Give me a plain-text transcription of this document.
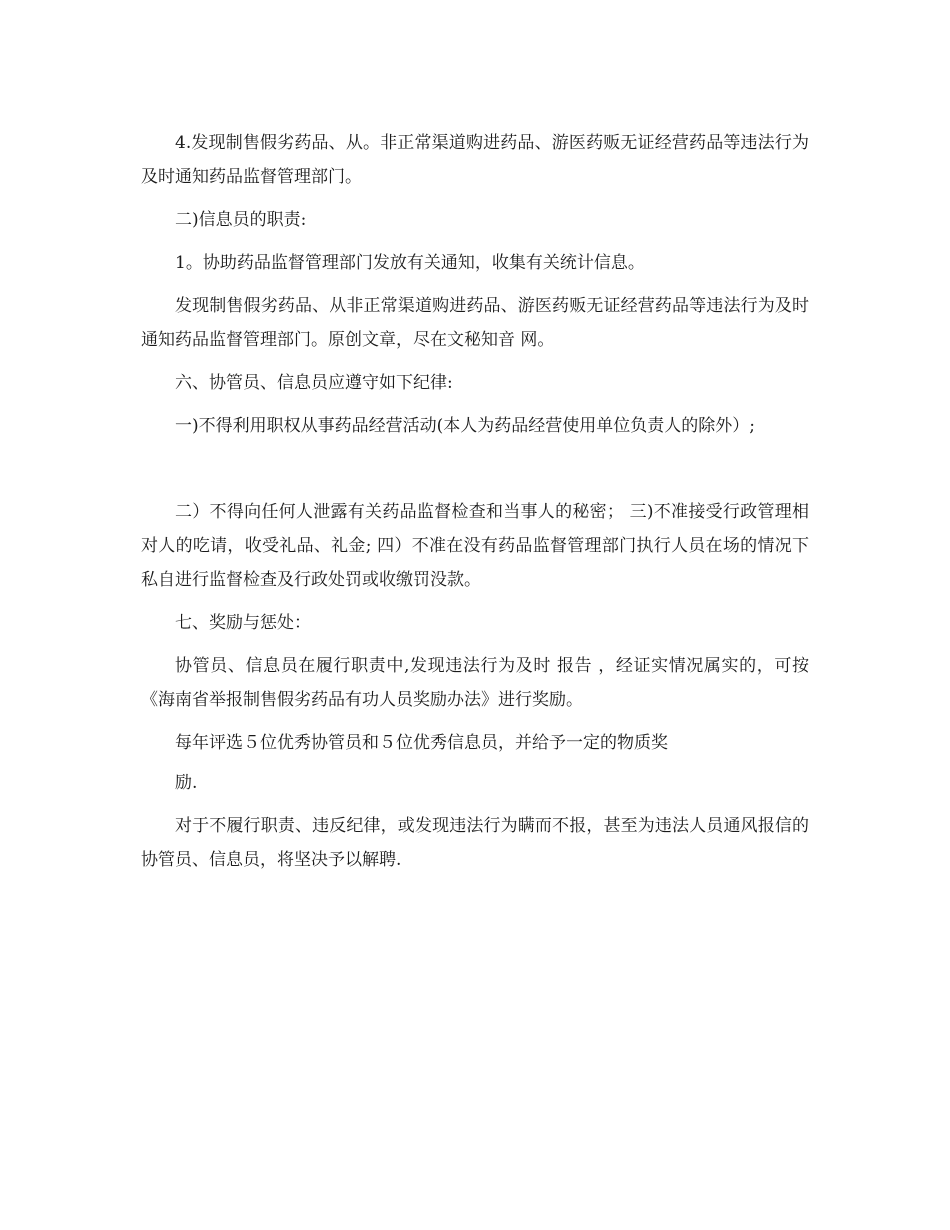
4.发现制售假劣药品、从。非正常渠道购进药品、游医药贩无证经营药品等违法行为及时通知药品监督管理部门。

二)信息员的职责:

1。协助药品监督管理部门发放有关通知，收集有关统计信息。

发现制售假劣药品、从非正常渠道购进药品、游医药贩无证经营药品等违法行为及时通知药品监督管理部门。原创文章，尽在文秘知音 网。

六、协管员、信息员应遵守如下纪律:

一)不得利用职权从事药品经营活动(本人为药品经营使用单位负责人的除外）;

二）不得向任何人泄露有关药品监督检查和当事人的秘密； 三)不准接受行政管理相对人的吃请，收受礼品、礼金; 四）不准在没有药品监督管理部门执行人员在场的情况下私自进行监督检查及行政处罚或收缴罚没款。

七、奖励与惩处：

协管员、信息员在履行职责中,发现违法行为及时 报告 ，经证实情况属实的，可按《海南省举报制售假劣药品有功人员奖励办法》进行奖励。

每年评选５位优秀协管员和５位优秀信息员，并给予一定的物质奖

励.

对于不履行职责、违反纪律，或发现违法行为瞒而不报，甚至为违法人员通风报信的协管员、信息员，将坚决予以解聘.
